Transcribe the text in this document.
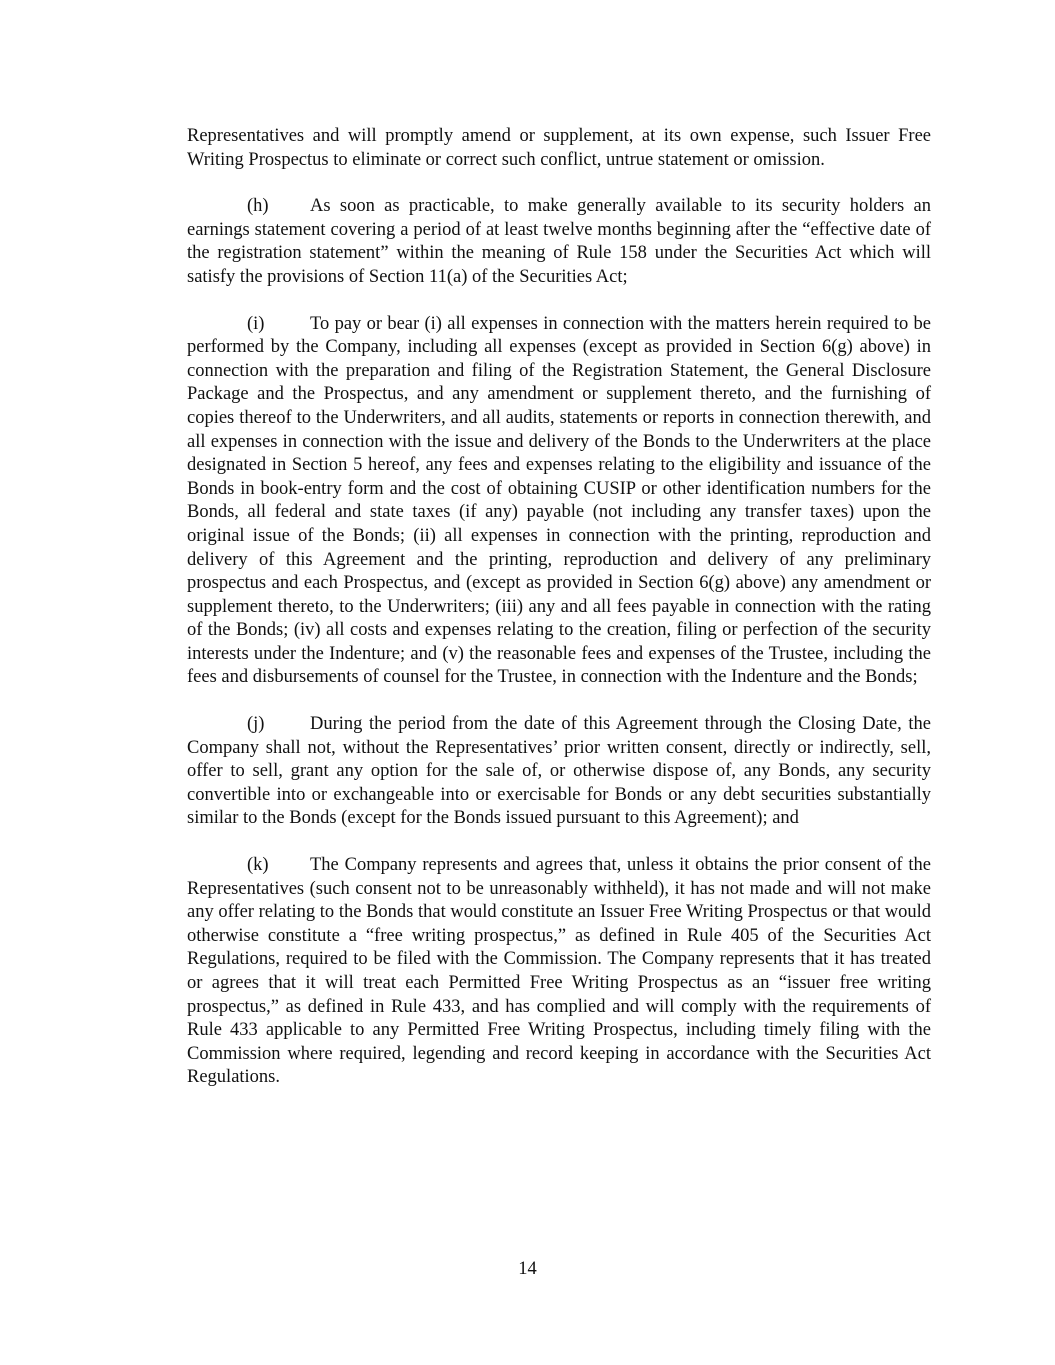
Representatives and will promptly amend or supplement, at its own expense, such Issuer Free Writing Prospectus to eliminate or correct such conflict, untrue statement or omission.

(h) As soon as practicable, to make generally available to its security holders an earnings statement covering a period of at least twelve months beginning after the “effective date of the registration statement” within the meaning of Rule 158 under the Securities Act which will satisfy the provisions of Section 11(a) of the Securities Act;

(i) To pay or bear (i) all expenses in connection with the matters herein required to be performed by the Company, including all expenses (except as provided in Section 6(g) above) in connection with the preparation and filing of the Registration Statement, the General Disclosure Package and the Prospectus, and any amendment or supplement thereto, and the furnishing of copies thereof to the Underwriters, and all audits, statements or reports in connection therewith, and all expenses in connection with the issue and delivery of the Bonds to the Underwriters at the place designated in Section 5 hereof, any fees and expenses relating to the eligibility and issuance of the Bonds in book-entry form and the cost of obtaining CUSIP or other identification numbers for the Bonds, all federal and state taxes (if any) payable (not including any transfer taxes) upon the original issue of the Bonds; (ii) all expenses in connection with the printing, reproduction and delivery of this Agreement and the printing, reproduction and delivery of any preliminary prospectus and each Prospectus, and (except as provided in Section 6(g) above) any amendment or supplement thereto, to the Underwriters; (iii) any and all fees payable in connection with the rating of the Bonds; (iv) all costs and expenses relating to the creation, filing or perfection of the security interests under the Indenture; and (v) the reasonable fees and expenses of the Trustee, including the fees and disbursements of counsel for the Trustee, in connection with the Indenture and the Bonds;

(j) During the period from the date of this Agreement through the Closing Date, the Company shall not, without the Representatives’ prior written consent, directly or indirectly, sell, offer to sell, grant any option for the sale of, or otherwise dispose of, any Bonds, any security convertible into or exchangeable into or exercisable for Bonds or any debt securities substantially similar to the Bonds (except for the Bonds issued pursuant to this Agreement); and

(k) The Company represents and agrees that, unless it obtains the prior consent of the Representatives (such consent not to be unreasonably withheld), it has not made and will not make any offer relating to the Bonds that would constitute an Issuer Free Writing Prospectus or that would otherwise constitute a “free writing prospectus,” as defined in Rule 405 of the Securities Act Regulations, required to be filed with the Commission. The Company represents that it has treated or agrees that it will treat each Permitted Free Writing Prospectus as an “issuer free writing prospectus,” as defined in Rule 433, and has complied and will comply with the requirements of Rule 433 applicable to any Permitted Free Writing Prospectus, including timely filing with the Commission where required, legending and record keeping in accordance with the Securities Act Regulations.

14
